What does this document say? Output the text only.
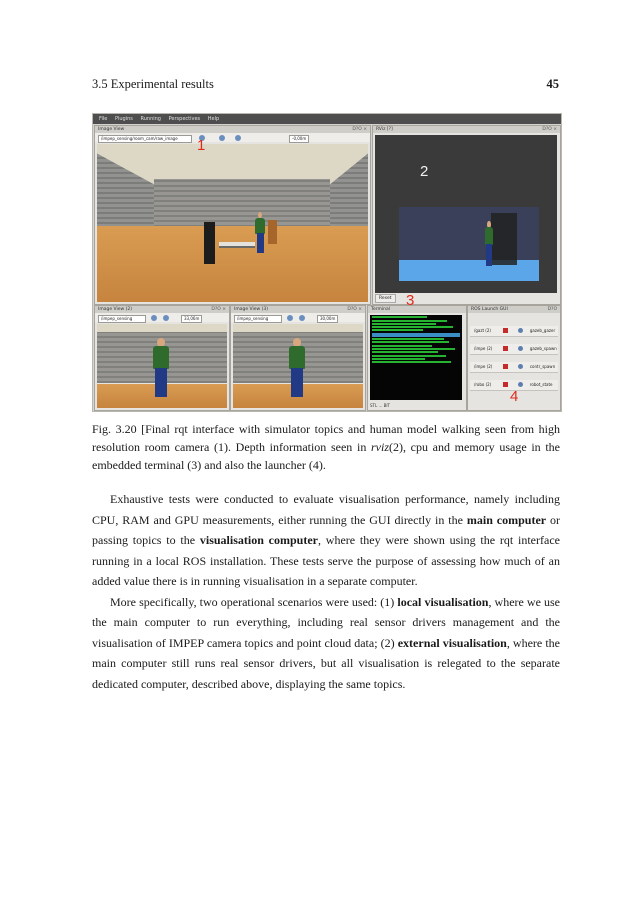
3.5 Experimental results	45
File Plugins Running Perspectives Help
Image View	D?O ×
/impep_sensing/room_cam/raw_image	-0,00m
1
RViz [?]	D?O ×
2
Reset
Image View (2)	D?O ×
/impep_sensing	33,06m
Image View (3)	D?O ×
/impep_sensing	30,00m
Terminal
STL ... BIT
ROS Launch GUI	D?O
/gazt (2)	gazeb_gazer
/impe (2)	gazeb_spawn
/impe (2)	contr_spawn
/robo (2)	robot_state
3
4
Fig. 3.20 [Final rqt interface with simulator topics and human model walking seen from high resolution room camera (1). Depth information seen in rviz(2), cpu and memory usage in the embedded terminal (3) and also the launcher (4).

Exhaustive tests were conducted to evaluate visualisation performance, namely including CPU, RAM and GPU measurements, either running the GUI directly in the main computer or passing topics to the visualisation computer, where they were shown using the rqt interface running in a local ROS installation. These tests serve the purpose of assessing how much of an added value there is in running visualisation in a separate computer.

More specifically, two operational scenarios were used: (1) local visualisation, where we use the main computer to run everything, including real sensor drivers management and the visualisation of IMPEP camera topics and point cloud data; (2) external visualisation, where the main computer still runs real sensor drivers, but all visualisation is relegated to the separate dedicated computer, described above, displaying the same topics.
